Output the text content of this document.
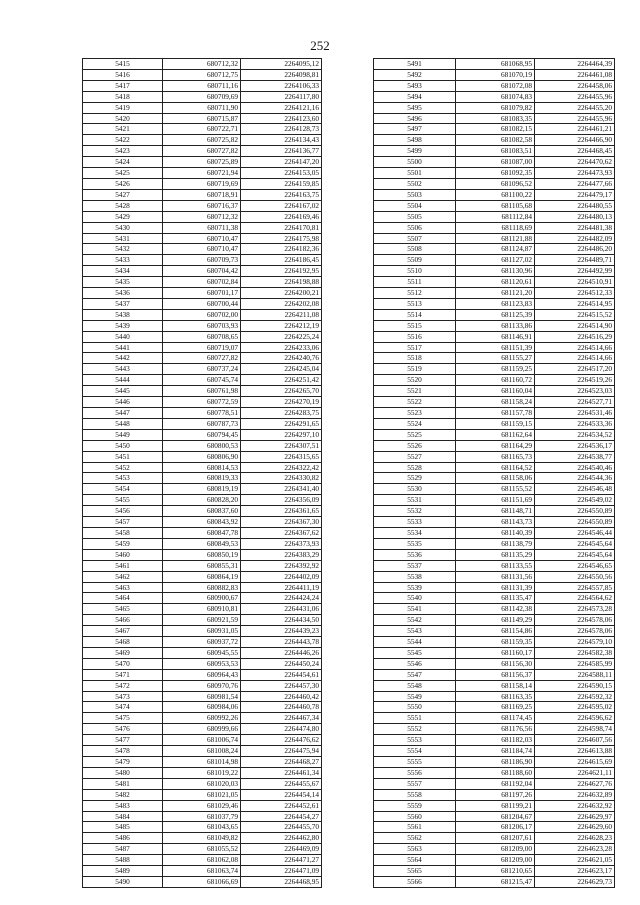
252
5415	680712,32	2264095,12
5416	680712,75	2264098,81
5417	680711,16	2264106,33
5418	680709,69	2264117,80
5419	680711,90	2264121,16
5420	680715,87	2264123,60
5421	680722,71	2264128,73
5422	680725,82	2264134,43
5423	680727,82	2264136,77
5424	680725,89	2264147,20
5425	680721,94	2264153,05
5426	680719,69	2264159,85
5427	680718,91	2264163,75
5428	680716,37	2264167,02
5429	680712,32	2264169,46
5430	680711,38	2264170,81
5431	680710,47	2264175,98
5432	680710,47	2264182,36
5433	680709,73	2264186,45
5434	680704,42	2264192,95
5435	680702,84	2264198,88
5436	680701,17	2264200,21
5437	680700,44	2264202,08
5438	680702,00	2264211,08
5439	680703,93	2264212,19
5440	680708,65	2264225,24
5441	680719,07	2264233,06
5442	680727,82	2264240,76
5443	680737,24	2264245,04
5444	680745,74	2264251,42
5445	680761,98	2264265,70
5446	680772,59	2264270,19
5447	680778,51	2264283,75
5448	680787,73	2264291,65
5449	680794,45	2264297,10
5450	680800,53	2264307,51
5451	680806,90	2264315,65
5452	680814,53	2264322,42
5453	680819,33	2264330,82
5454	680819,19	2264341,40
5455	680828,20	2264356,09
5456	680837,60	2264361,65
5457	680843,92	2264367,30
5458	680847,78	2264367,62
5459	680849,53	2264373,93
5460	680850,19	2264383,29
5461	680855,31	2264392,92
5462	680864,19	2264402,09
5463	680882,83	2264411,19
5464	680900,67	2264424,24
5465	680910,81	2264431,06
5466	680921,59	2264434,50
5467	680931,05	2264439,23
5468	680937,72	2264443,78
5469	680945,55	2264446,26
5470	680953,53	2264450,24
5471	680964,43	2264454,61
5472	680970,76	2264457,30
5473	680981,54	2264460,42
5474	680984,06	2264460,78
5475	680992,26	2264467,34
5476	680999,66	2264474,80
5477	681006,74	2264476,62
5478	681008,24	2264475,94
5479	681014,98	2264468,27
5480	681019,22	2264461,34
5481	681020,03	2264455,67
5482	681021,05	2264454,14
5483	681029,46	2264452,61
5484	681037,79	2264454,27
5485	681043,65	2264455,70
5486	681049,82	2264462,80
5487	681055,52	2264469,09
5488	681062,08	2264471,27
5489	681063,74	2264471,09
5490	681066,69	2264468,95
5491	681068,95	2264464,39
5492	681070,19	2264461,08
5493	681072,08	2264458,06
5494	681074,83	2264455,96
5495	681079,82	2264455,20
5496	681083,35	2264455,96
5497	681082,15	2264461,21
5498	681082,58	2264466,90
5499	681083,51	2264468,45
5500	681087,00	2264470,62
5501	681092,35	2264473,93
5502	681096,52	2264477,66
5503	681100,22	2264479,17
5504	681105,68	2264480,55
5505	681112,84	2264480,13
5506	681118,69	2264481,38
5507	681121,88	2264482,09
5508	681124,87	2264486,20
5509	681127,02	2264489,71
5510	681130,96	2264492,99
5511	681120,61	2264510,91
5512	681121,20	2264512,33
5513	681123,83	2264514,95
5514	681125,39	2264515,52
5515	681133,86	2264514,90
5516	681146,91	2264516,29
5517	681151,39	2264514,66
5518	681155,27	2264514,66
5519	681159,25	2264517,20
5520	681160,72	2264519,26
5521	681160,04	2264523,03
5522	681158,24	2264527,71
5523	681157,78	2264531,46
5524	681159,15	2264533,36
5525	681162,64	2264534,52
5526	681164,29	2264536,17
5527	681165,73	2264538,77
5528	681164,52	2264540,46
5529	681158,06	2264544,36
5530	681155,52	2264546,48
5531	681151,69	2264549,02
5532	681148,71	2264550,89
5533	681143,73	2264550,89
5534	681140,39	2264546,44
5535	681138,79	2264545,64
5536	681135,29	2264545,64
5537	681133,55	2264546,65
5538	681131,56	2264550,56
5539	681131,39	2264557,85
5540	681135,47	2264564,62
5541	681142,38	2264573,28
5542	681149,29	2264578,06
5543	681154,86	2264578,06
5544	681159,35	2264579,10
5545	681160,17	2264582,38
5546	681156,30	2264585,99
5547	681156,37	2264588,11
5548	681158,14	2264590,15
5549	681163,35	2264592,32
5550	681169,25	2264595,02
5551	681174,45	2264596,62
5552	681176,56	2264598,74
5553	681182,03	2264607,56
5554	681184,74	2264613,88
5555	681186,90	2264615,69
5556	681188,60	2264621,11
5557	681192,04	2264627,76
5558	681197,26	2264632,89
5559	681199,21	2264632,92
5560	681204,67	2264629,97
5561	681206,17	2264629,60
5562	681207,61	2264628,23
5563	681209,00	2264623,28
5564	681209,00	2264621,05
5565	681210,65	2264623,17
5566	681215,47	2264629,73
